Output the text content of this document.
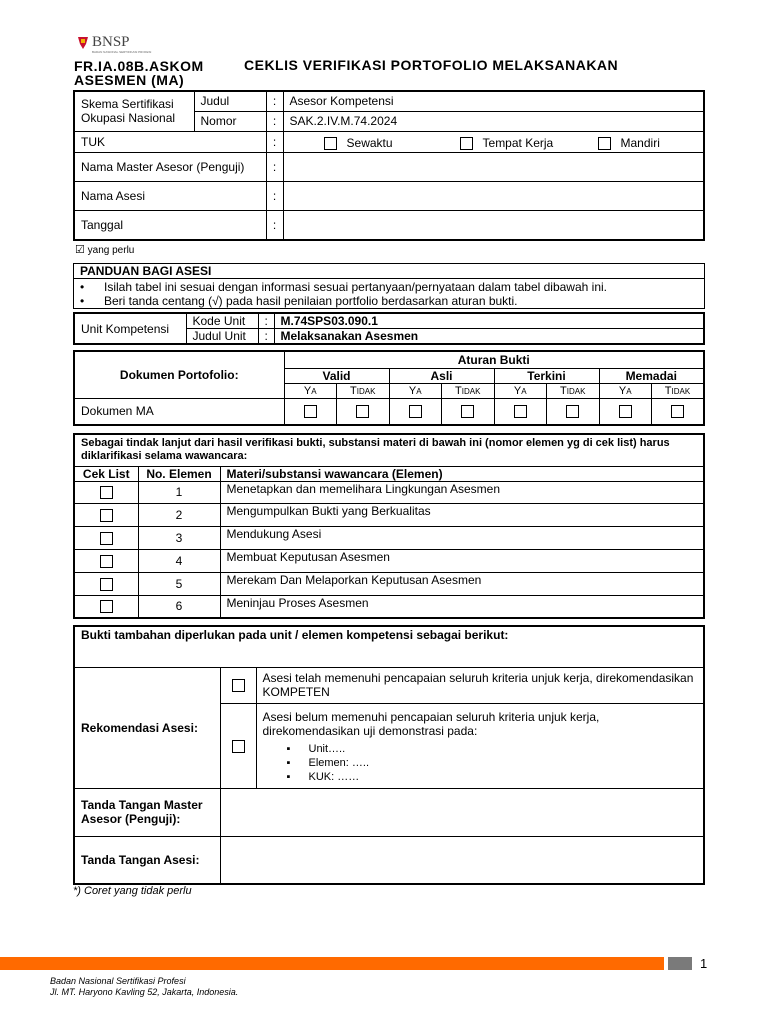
BNSP
BADAN NASIONAL SERTIFIKASI PROFESI
FR.IA.08B.ASKOM	CEKLIS VERIFIKASI PORTOFOLIO MELAKSANAKAN ASESMEN (MA)
Skema Sertifikasi Okupasi Nasional	Judul	:	Asesor Kompetensi
	Nomor	:	SAK.2.IV.M.74.2024
TUK		:	Sewaktu Tempat Kerja Mandiri

Nama Master Asesor (Penguji)		:	
Nama Asesi		:	
Tanggal		:	
☑ yang perlu
PANDUAN BAGI ASESI

• Isilah tabel ini sesuai dengan informasi sesuai pertanyaan/pernyataan dalam tabel dibawah ini.
• Beri tanda centang (√) pada hasil penilaian portfolio berdasarkan aturan bukti.
Unit Kompetensi	Kode Unit	:	M.74SPS03.090.1
	Judul Unit	:	Melaksanakan Asesmen
Dokumen Portofolio:	Aturan Bukti							
	Valid		Asli		Terkini		Memadai	
	Ya	Tidak	Ya	Tidak	Ya	Tidak	Ya	Tidak
Dokumen MA								
Sebagai tindak lanjut dari hasil verifikasi bukti, substansi materi di bawah ini (nomor elemen yg di cek list) harus diklarifikasi selama wawancara:		
Cek List	No. Elemen	Materi/substansi wawancara (Elemen)
	1	Menetapkan dan memelihara Lingkungan Asesmen
	2	Mengumpulkan Bukti yang Berkualitas
	3	Mendukung Asesi
	4	Membuat Keputusan Asesmen
	5	Merekam Dan Melaporkan Keputusan Asesmen
	6	Meninjau Proses Asesmen
Bukti tambahan diperlukan pada unit / elemen kompetensi sebagai berikut:		
Rekomendasi Asesi:		Asesi telah memenuhi pencapaian seluruh kriteria unjuk kerja, direkomendasikan KOMPETEN

		Asesi belum memenuhi pencapaian seluruh kriteria unjuk kerja, direkomendasikan uji demonstrasi pada:
▪ Unit…..
▪ Elemen: …..
▪ KUK: ……

Tanda Tangan Master Asesor (Penguji):		
Tanda Tangan Asesi:		
*) Coret yang tidak perlu
1
Badan Nasional Sertifikasi Profesi
Jl. MT. Haryono Kavling 52, Jakarta, Indonesia.
